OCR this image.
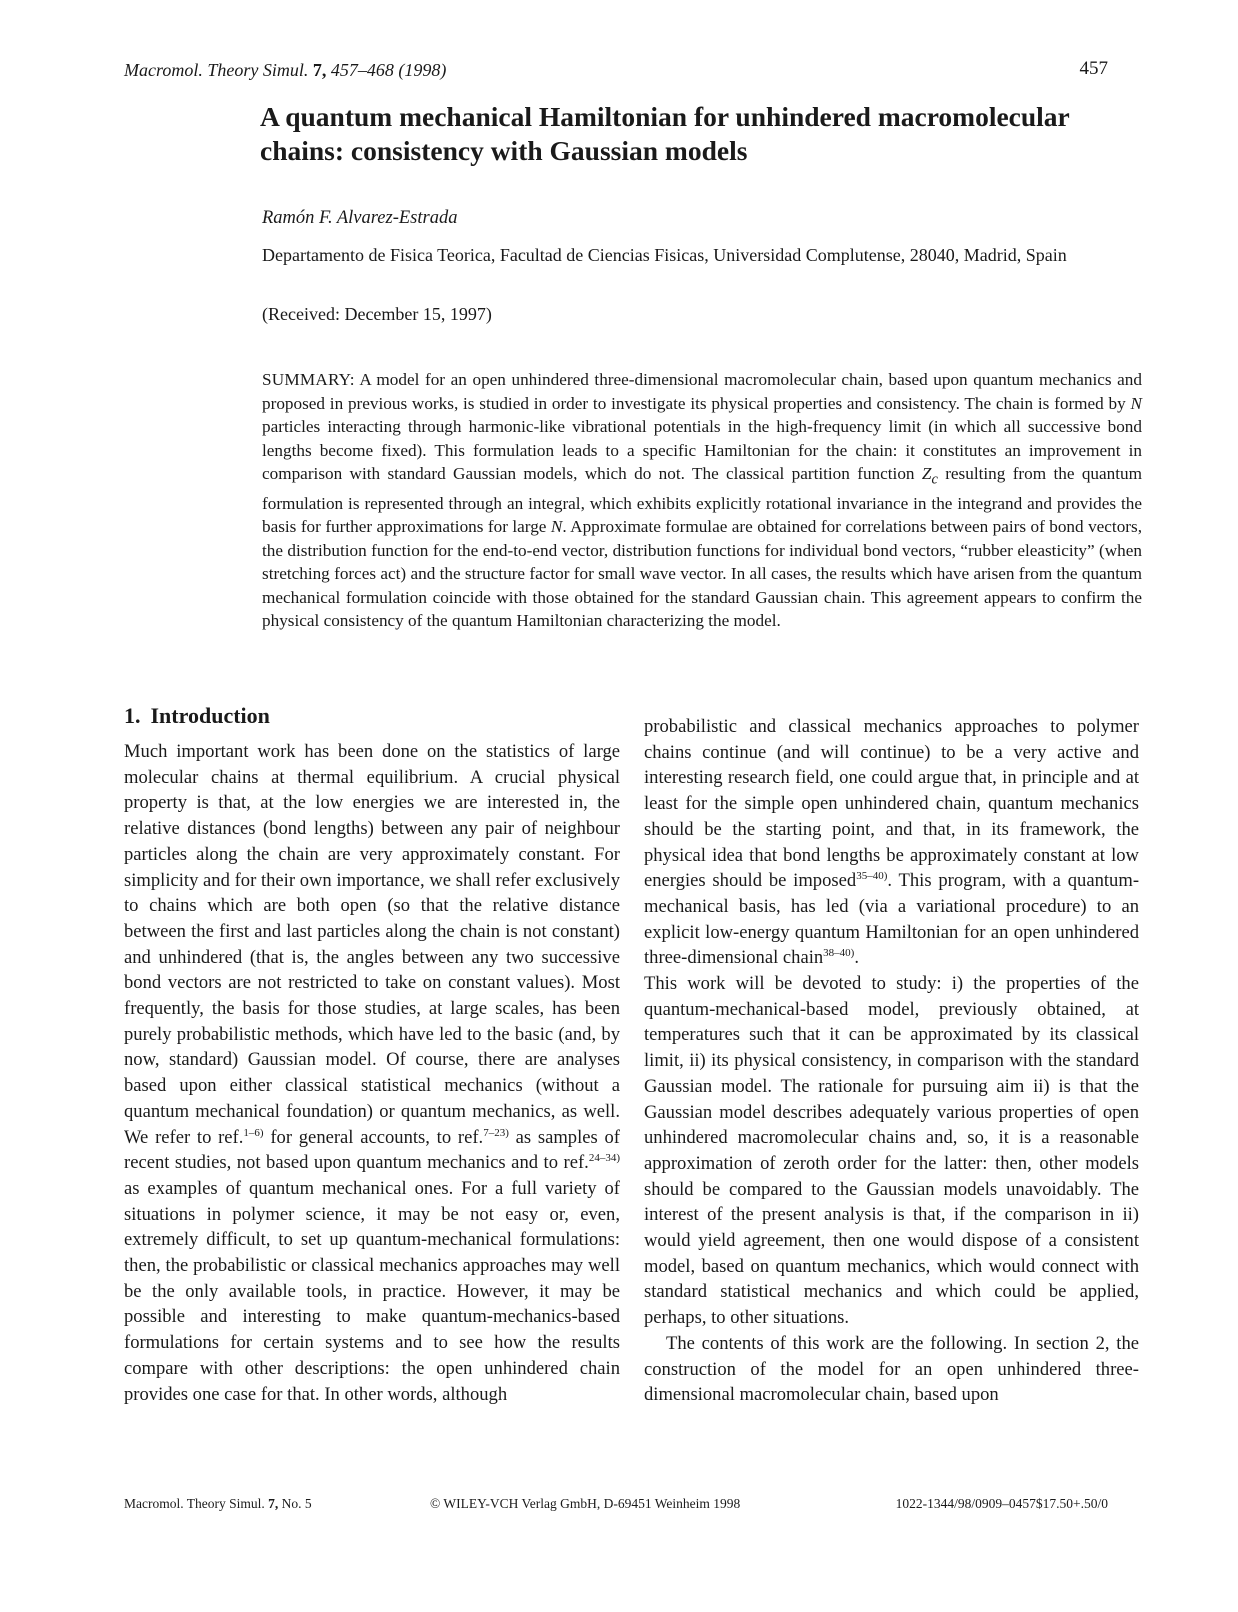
Macromol. Theory Simul. 7, 457–468 (1998)	457
A quantum mechanical Hamiltonian for unhindered macromolecular chains: consistency with Gaussian models
Ramón F. Alvarez-Estrada
Departamento de Fisica Teorica, Facultad de Ciencias Fisicas, Universidad Complutense, 28040, Madrid, Spain
(Received: December 15, 1997)
SUMMARY: A model for an open unhindered three-dimensional macromolecular chain, based upon quantum mechanics and proposed in previous works, is studied in order to investigate its physical properties and consistency. The chain is formed by N particles interacting through harmonic-like vibrational potentials in the high-frequency limit (in which all successive bond lengths become fixed). This formulation leads to a specific Hamiltonian for the chain: it constitutes an improvement in comparison with standard Gaussian models, which do not. The classical partition function $Z_c$ resulting from the quantum formulation is represented through an integral, which exhibits explicitly rotational invariance in the integrand and provides the basis for further approximations for large N. Approximate formulae are obtained for correlations between pairs of bond vectors, the distribution function for the end-to-end vector, distribution functions for individual bond vectors, “rubber eleasticity” (when stretching forces act) and the structure factor for small wave vector. In all cases, the results which have arisen from the quantum mechanical formulation coincide with those obtained for the standard Gaussian chain. This agreement appears to confirm the physical consistency of the quantum Hamiltonian characterizing the model.
1. Introduction

Much important work has been done on the statistics of large molecular chains at thermal equilibrium. A crucial physical property is that, at the low energies we are interested in, the relative distances (bond lengths) between any pair of neighbour particles along the chain are very approximately constant. For simplicity and for their own importance, we shall refer exclusively to chains which are both open (so that the relative distance between the first and last particles along the chain is not constant) and unhindered (that is, the angles between any two successive bond vectors are not restricted to take on constant values). Most frequently, the basis for those studies, at large scales, has been purely probabilistic methods, which have led to the basic (and, by now, standard) Gaussian model. Of course, there are analyses based upon either classical statistical mechanics (without a quantum mechanical foundation) or quantum mechanics, as well. We refer to ref.$^{1-6)}$ for general accounts, to ref.$^{7-23)}$ as samples of recent studies, not based upon quantum mechanics and to ref.$^{24-34)}$ as examples of quantum mechanical ones. For a full variety of situations in polymer science, it may be not easy or, even, extremely difficult, to set up quantum-mechanical formulations: then, the probabilistic or classical mechanics approaches may well be the only available tools, in practice. However, it may be possible and interesting to make quantum-mechanics-based formulations for certain systems and to see how the results compare with other descriptions: the open unhindered chain provides one case for that. In other words, although

probabilistic and classical mechanics approaches to polymer chains continue (and will continue) to be a very active and interesting research field, one could argue that, in principle and at least for the simple open unhindered chain, quantum mechanics should be the starting point, and that, in its framework, the physical idea that bond lengths be approximately constant at low energies should be imposed$^{35-40)}$. This program, with a quantum-mechanical basis, has led (via a variational procedure) to an explicit low-energy quantum Hamiltonian for an open unhindered three-dimensional chain$^{38-40)}$.

This work will be devoted to study: i) the properties of the quantum-mechanical-based model, previously obtained, at temperatures such that it can be approximated by its classical limit, ii) its physical consistency, in comparison with the standard Gaussian model. The rationale for pursuing aim ii) is that the Gaussian model describes adequately various properties of open unhindered macromolecular chains and, so, it is a reasonable approximation of zeroth order for the latter: then, other models should be compared to the Gaussian models unavoidably. The interest of the present analysis is that, if the comparison in ii) would yield agreement, then one would dispose of a consistent model, based on quantum mechanics, which would connect with standard statistical mechanics and which could be applied, perhaps, to other situations.

The contents of this work are the following. In section 2, the construction of the model for an open unhindered three-dimensional macromolecular chain, based upon

Macromol. Theory Simul. 7, No. 5	© WILEY-VCH Verlag GmbH, D-69451 Weinheim 1998	1022-1344/98/0909–0457$17.50+.50/0
